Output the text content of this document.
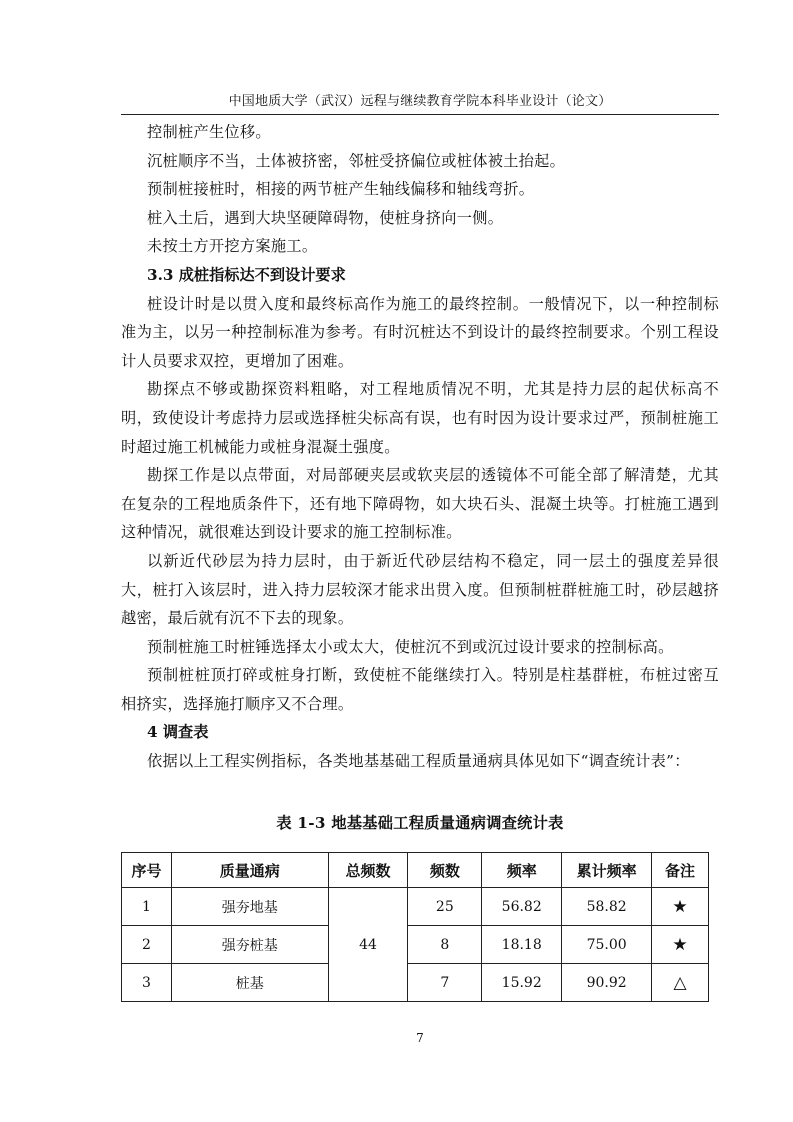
中国地质大学（武汉）远程与继续教育学院本科毕业设计（论文）

控制桩产生位移。

沉桩顺序不当，土体被挤密，邻桩受挤偏位或桩体被土抬起。

预制桩接桩时，相接的两节桩产生轴线偏移和轴线弯折。

桩入土后，遇到大块坚硬障碍物，使桩身挤向一侧。

未按土方开挖方案施工。

3.3 成桩指标达不到设计要求

桩设计时是以贯入度和最终标高作为施工的最终控制。一般情况下，以一种控制标准为主，以另一种控制标准为参考。有时沉桩达不到设计的最终控制要求。个别工程设计人员要求双控，更增加了困难。

勘探点不够或勘探资料粗略，对工程地质情况不明，尤其是持力层的起伏标高不明，致使设计考虑持力层或选择桩尖标高有误，也有时因为设计要求过严，预制桩施工时超过施工机械能力或桩身混凝土强度。

勘探工作是以点带面，对局部硬夹层或软夹层的透镜体不可能全部了解清楚，尤其在复杂的工程地质条件下，还有地下障碍物，如大块石头、混凝土块等。打桩施工遇到这种情况，就很难达到设计要求的施工控制标准。

以新近代砂层为持力层时，由于新近代砂层结构不稳定，同一层土的强度差异很大，桩打入该层时，进入持力层较深才能求出贯入度。但预制桩群桩施工时，砂层越挤越密，最后就有沉不下去的现象。

预制桩施工时桩锤选择太小或太大，使桩沉不到或沉过设计要求的控制标高。

预制桩桩顶打碎或桩身打断，致使桩不能继续打入。特别是柱基群桩，布桩过密互相挤实，选择施打顺序又不合理。

4 调查表

依据以上工程实例指标，各类地基基础工程质量通病具体见如下“调查统计表”：

表 1-3 地基基础工程质量通病调查统计表
序号	质量通病	总频数	频数	频率	累计频率	备注
1	强夯地基	44	25	56.82	58.82	★
2	强夯桩基		8	18.18	75.00	★
3	桩基		7	15.92	90.92	△
7
